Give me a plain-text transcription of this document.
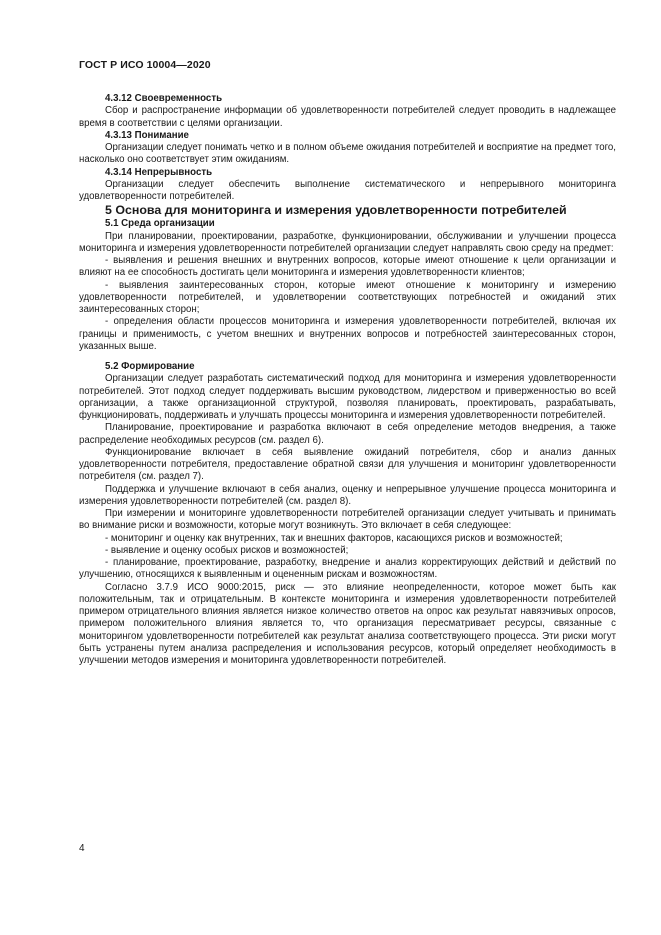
ГОСТ Р ИСО 10004—2020

4.3.12 Своевременность

Сбор и распространение информации об удовлетворенности потребителей следует проводить в надлежащее время в соответствии с целями организации.

4.3.13 Понимание

Организации следует понимать четко и в полном объеме ожидания потребителей и восприятие на предмет того, насколько оно соответствует этим ожиданиям.

4.3.14 Непрерывность

Организации следует обеспечить выполнение систематического и непрерывного мониторинга удовлетворенности потребителей.

5 Основа для мониторинга и измерения удовлетворенности потребителей

5.1 Среда организации

При планировании, проектировании, разработке, функционировании, обслуживании и улучшении процесса мониторинга и измерения удовлетворенности потребителей организации следует направлять свою среду на предмет:

- выявления и решения внешних и внутренних вопросов, которые имеют отношение к цели организации и влияют на ее способность достигать цели мониторинга и измерения удовлетворенности клиентов;

- выявления заинтересованных сторон, которые имеют отношение к мониторингу и измерению удовлетворенности потребителей, и удовлетворении соответствующих потребностей и ожиданий этих заинтересованных сторон;

- определения области процессов мониторинга и измерения удовлетворенности потребителей, включая их границы и применимость, с учетом внешних и внутренних вопросов и потребностей заинтересованных сторон, указанных выше.

5.2 Формирование

Организации следует разработать систематический подход для мониторинга и измерения удовлетворенности потребителей. Этот подход следует поддерживать высшим руководством, лидерством и приверженностью во всей организации, а также организационной структурой, позволяя планировать, проектировать, разрабатывать, функционировать, поддерживать и улучшать процессы мониторинга и измерения удовлетворенности потребителей.

Планирование, проектирование и разработка включают в себя определение методов внедрения, а также распределение необходимых ресурсов (см. раздел 6).

Функционирование включает в себя выявление ожиданий потребителя, сбор и анализ данных удовлетворенности потребителя, предоставление обратной связи для улучшения и мониторинг удовлетворенности потребителя (см. раздел 7).

Поддержка и улучшение включают в себя анализ, оценку и непрерывное улучшение процесса мониторинга и измерения удовлетворенности потребителей (см. раздел 8).

При измерении и мониторинге удовлетворенности потребителей организации следует учитывать и принимать во внимание риски и возможности, которые могут возникнуть. Это включает в себя следующее:

- мониторинг и оценку как внутренних, так и внешних факторов, касающихся рисков и возможностей;

- выявление и оценку особых рисков и возможностей;

- планирование, проектирование, разработку, внедрение и анализ корректирующих действий и действий по улучшению, относящихся к выявленным и оцененным рискам и возможностям.

Согласно 3.7.9 ИСО 9000:2015, риск — это влияние неопределенности, которое может быть как положительным, так и отрицательным. В контексте мониторинга и измерения удовлетворенности потребителей примером отрицательного влияния является низкое количество ответов на опрос как результат навязчивых опросов, примером положительного влияния является то, что организация пересматривает ресурсы, связанные с мониторингом удовлетворенности потребителей как результат анализа соответствующего процесса. Эти риски могут быть устранены путем анализа распределения и использования ресурсов, который определяет необходимость в улучшении методов измерения и мониторинга удовлетворенности потребителей.

4
